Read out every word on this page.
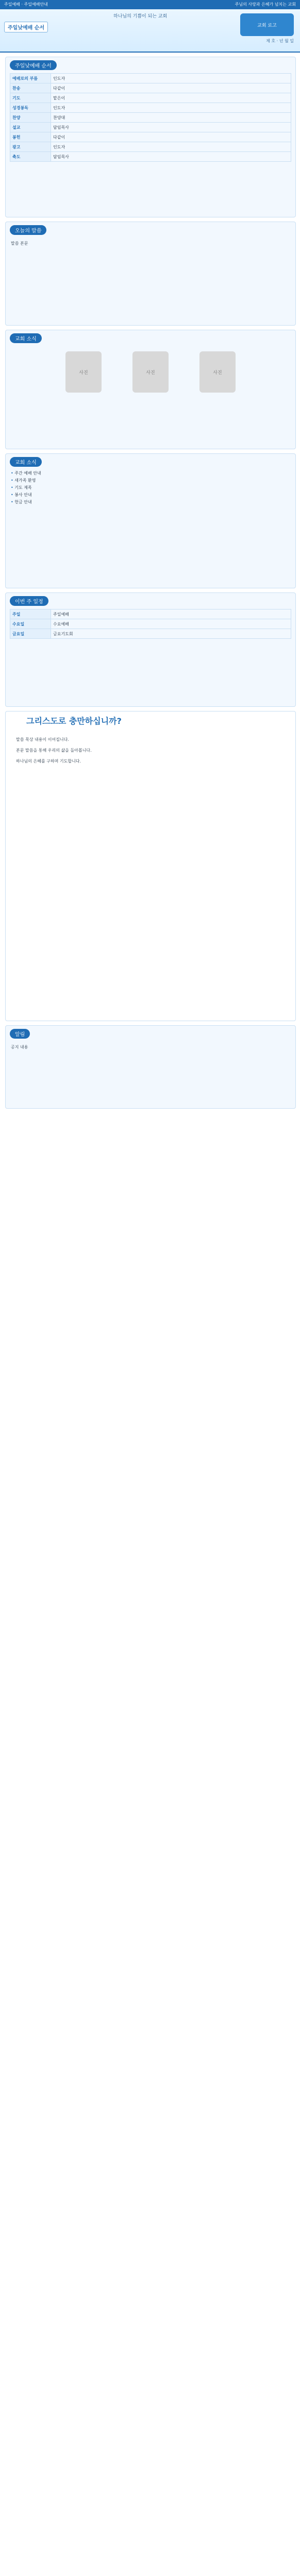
주일예배 · 주일예배안내	주님의 사랑과 은혜가 넘치는 교회
하나님의 기쁨이 되는 교회
주일낮예배 순서	교회 로고
제 호 · 년 월 일
주일낮예배 순서
예배로의 부름	인도자
찬송	다같이
기도	맡은이
성경봉독	인도자
찬양	찬양대
설교	담임목사
봉헌	다같이
광고	인도자
축도	담임목사
오늘의 말씀
말씀 본문
교회 소식
사진	사진	사진
교회 소식
• 주간 예배 안내
• 새가족 환영
• 기도 제목
• 봉사 안내
• 헌금 안내
이번 주 일정
주일	주일예배
수요일	수요예배
금요일	금요기도회
그리스도로 충만하십니까?

말씀 묵상 내용이 이어집니다.

본문 말씀을 통해 우리의 삶을 돌아봅니다.

하나님의 은혜를 구하며 기도합니다.

알림
공지 내용
